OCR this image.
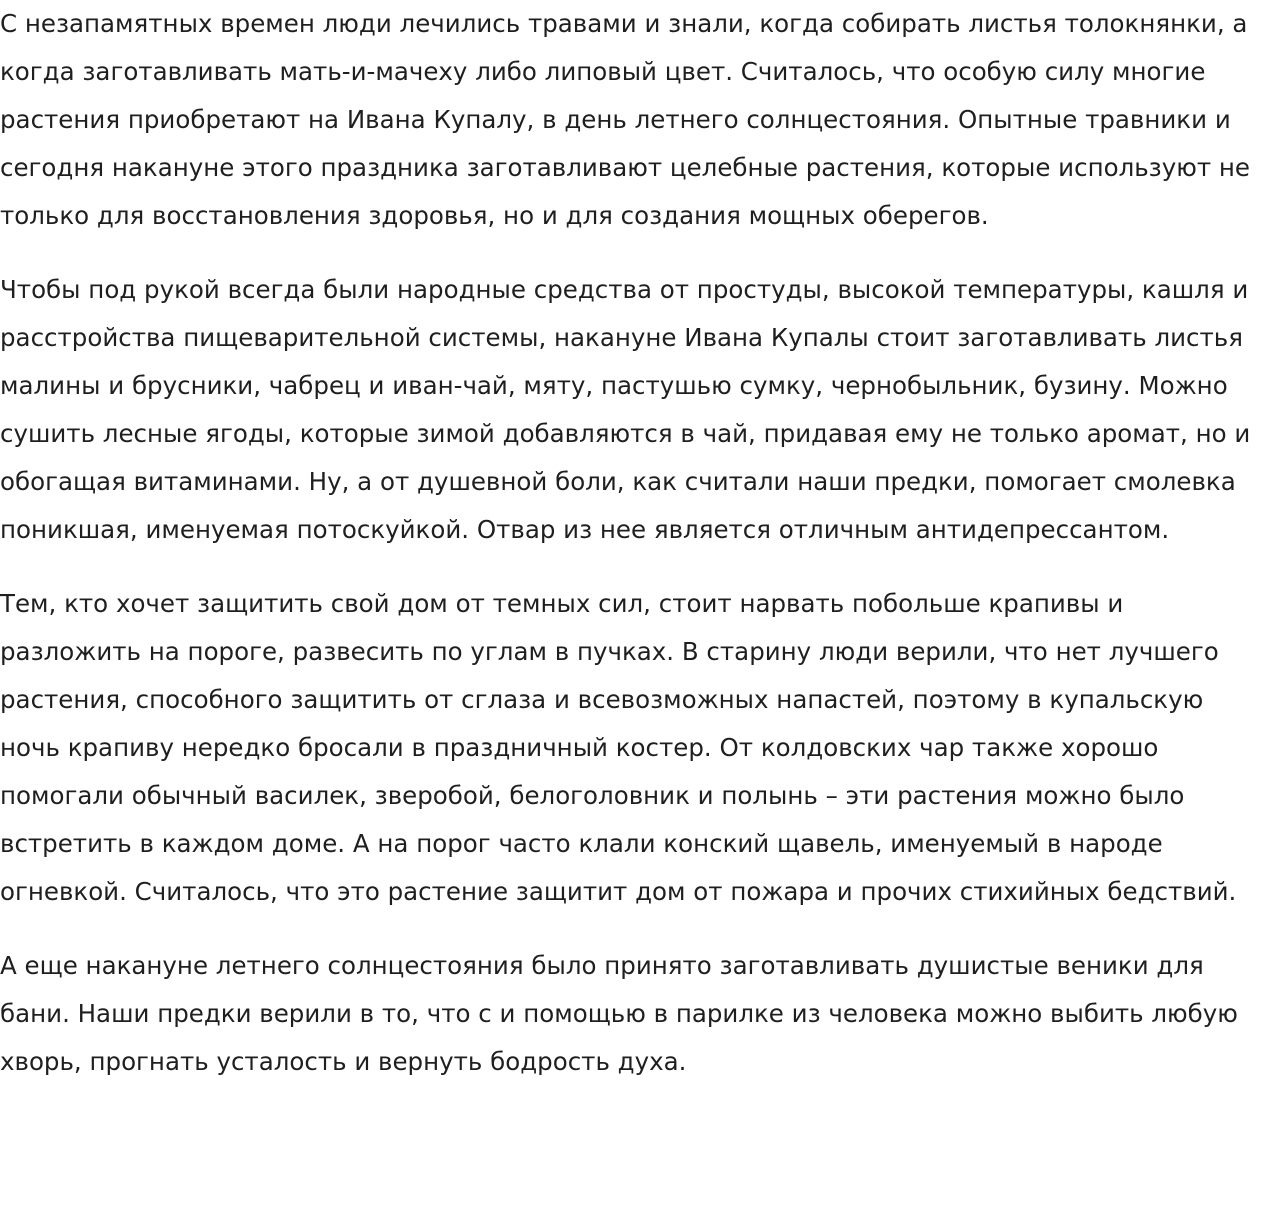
С незапамятных времен люди лечились травами и знали, когда собирать листья толокнянки, а когда заготавливать мать-и-мачеху либо липовый цвет. Считалось, что особую силу многие растения приобретают на Ивана Купалу, в день летнего солнцестояния. Опытные травники и сегодня накануне этого праздника заготавливают целебные растения, которые используют не только для восстановления здоровья, но и для создания мощных оберегов.

Чтобы под рукой всегда были народные средства от простуды, высокой температуры, кашля и расстройства пищеварительной системы, накануне Ивана Купалы стоит заготавливать листья малины и брусники, чабрец и иван-чай, мяту, пастушью сумку, чернобыльник, бузину. Можно сушить лесные ягоды, которые зимой добавляются в чай, придавая ему не только аромат, но и обогащая витаминами. Ну, а от душевной боли, как считали наши предки, помогает смолевка поникшая, именуемая потоскуйкой. Отвар из нее является отличным антидепрессантом.

Тем, кто хочет защитить свой дом от темных сил, стоит нарвать побольше крапивы и разложить на пороге, развесить по углам в пучках. В старину люди верили, что нет лучшего растения, способного защитить от сглаза и всевозможных напастей, поэтому в купальскую ночь крапиву нередко бросали в праздничный костер. От колдовских чар также хорошо помогали обычный василек, зверобой, белоголовник и полынь – эти растения можно было встретить в каждом доме. А на порог часто клали конский щавель, именуемый в народе огневкой. Считалось, что это растение защитит дом от пожара и прочих стихийных бедствий.

А еще накануне летнего солнцестояния было принято заготавливать душистые веники для бани. Наши предки верили в то, что с и помощью в парилке из человека можно выбить любую хворь, прогнать усталость и вернуть бодрость духа.
